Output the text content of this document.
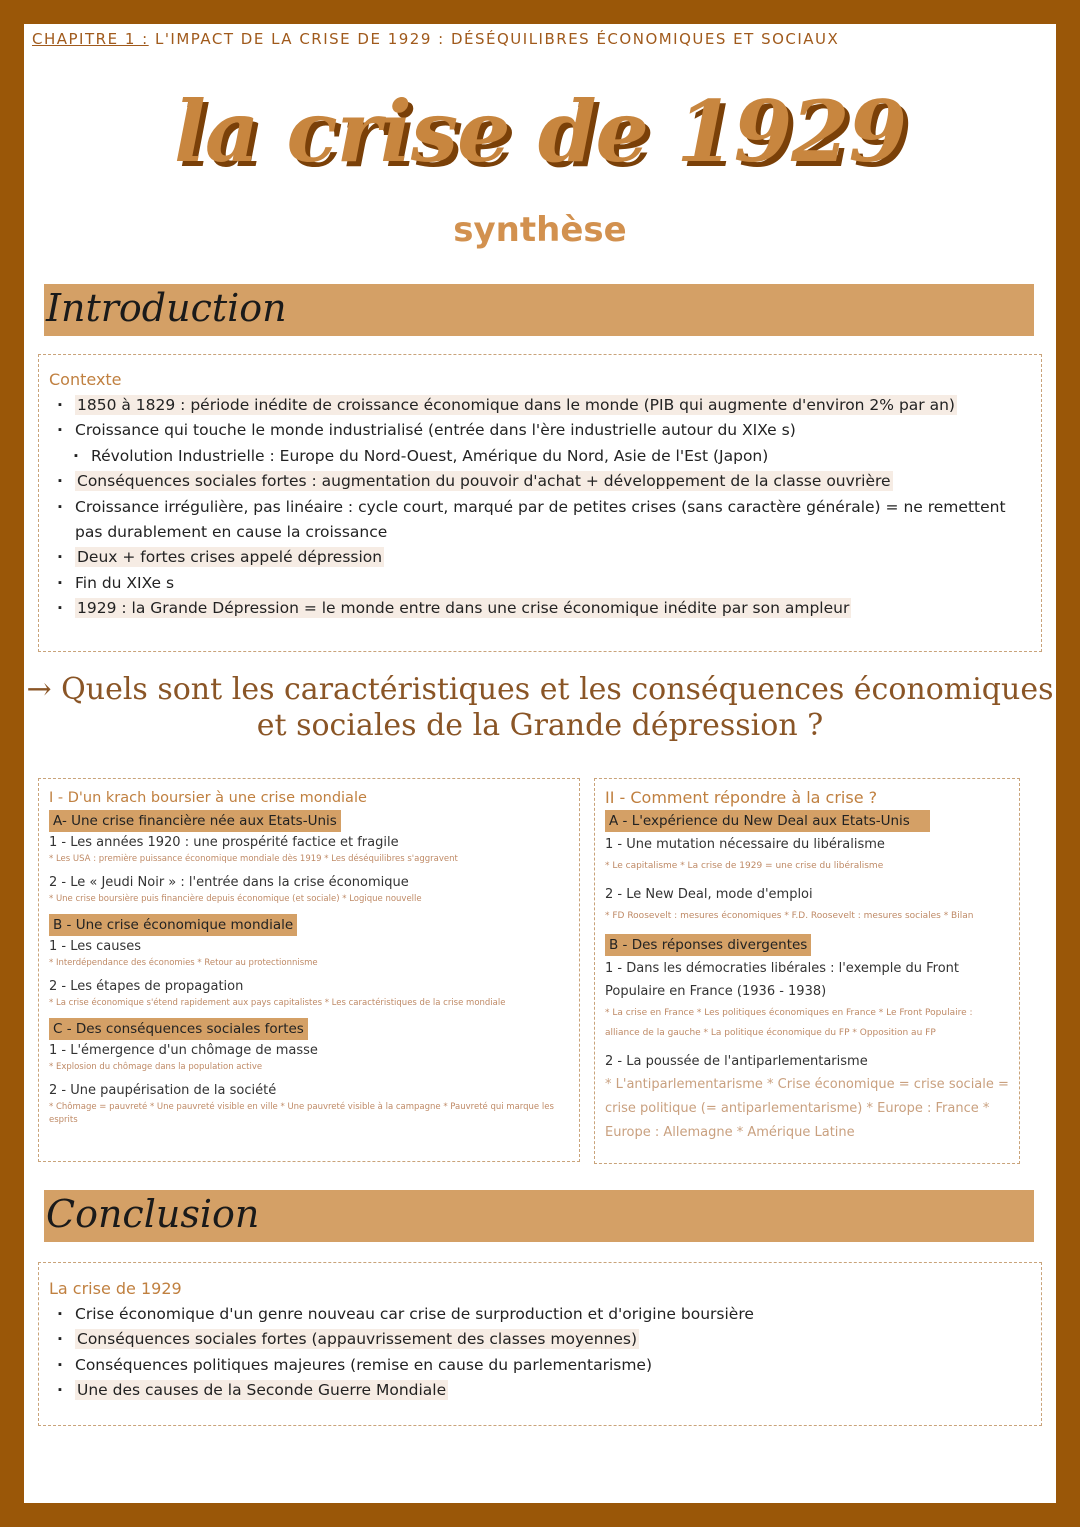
CHAPITRE 1 : L'IMPACT DE LA CRISE DE 1929 : DÉSÉQUILIBRES ÉCONOMIQUES ET SOCIAUX
la crise de 1929
synthèse
Introduction
Contexte
· 1850 à 1829 : période inédite de croissance économique dans le monde (PIB qui augmente d'environ 2% par an)
· Croissance qui touche le monde industrialisé (entrée dans l'ère industrielle autour du XIXe s)
· Révolution Industrielle : Europe du Nord-Ouest, Amérique du Nord, Asie de l'Est (Japon)
· Conséquences sociales fortes : augmentation du pouvoir d'achat + développement de la classe ouvrière
· Croissance irrégulière, pas linéaire : cycle court, marqué par de petites crises (sans caractère générale) = ne remettent pas durablement en cause la croissance
· Deux + fortes crises appelé dépression
· Fin du XIXe s
· 1929 : la Grande Dépression = le monde entre dans une crise économique inédite par son ampleur
→ Quels sont les caractéristiques et les conséquences économiques et sociales de la Grande dépression ?
I - D'un krach boursier à une crise mondiale
A- Une crise financière née aux Etats-Unis
1 - Les années 1920 : une prospérité factice et fragile
* Les USA : première puissance économique mondiale dès 1919 * Les déséquilibres s'aggravent
2 - Le « Jeudi Noir » : l'entrée dans la crise économique
* Une crise boursière puis financière depuis économique (et sociale) * Logique nouvelle
B - Une crise économique mondiale
1 - Les causes
* Interdépendance des économies * Retour au protectionnisme
2 - Les étapes de propagation
* La crise économique s'étend rapidement aux pays capitalistes * Les caractéristiques de la crise mondiale
C - Des conséquences sociales fortes
1 - L'émergence d'un chômage de masse
* Explosion du chômage dans la population active
2 - Une paupérisation de la société
* Chômage = pauvreté * Une pauvreté visible en ville * Une pauvreté visible à la campagne * Pauvreté qui marque les esprits
II - Comment répondre à la crise ?
A - L'expérience du New Deal aux Etats-Unis
1 - Une mutation nécessaire du libéralisme
* Le capitalisme * La crise de 1929 = une crise du libéralisme
2 - Le New Deal, mode d'emploi
* FD Roosevelt : mesures économiques * F.D. Roosevelt : mesures sociales * Bilan
B - Des réponses divergentes
1 - Dans les démocraties libérales : l'exemple du Front Populaire en France (1936 - 1938)
* La crise en France * Les politiques économiques en France * Le Front Populaire : alliance de la gauche * La politique économique du FP * Opposition au FP
2 - La poussée de l'antiparlementarisme
* L'antiparlementarisme * Crise économique = crise sociale = crise politique (= antiparlementarisme) * Europe : France * Europe : Allemagne * Amérique Latine
Conclusion
La crise de 1929
· Crise économique d'un genre nouveau car crise de surproduction et d'origine boursière
· Conséquences sociales fortes (appauvrissement des classes moyennes)
· Conséquences politiques majeures (remise en cause du parlementarisme)
· Une des causes de la Seconde Guerre Mondiale
